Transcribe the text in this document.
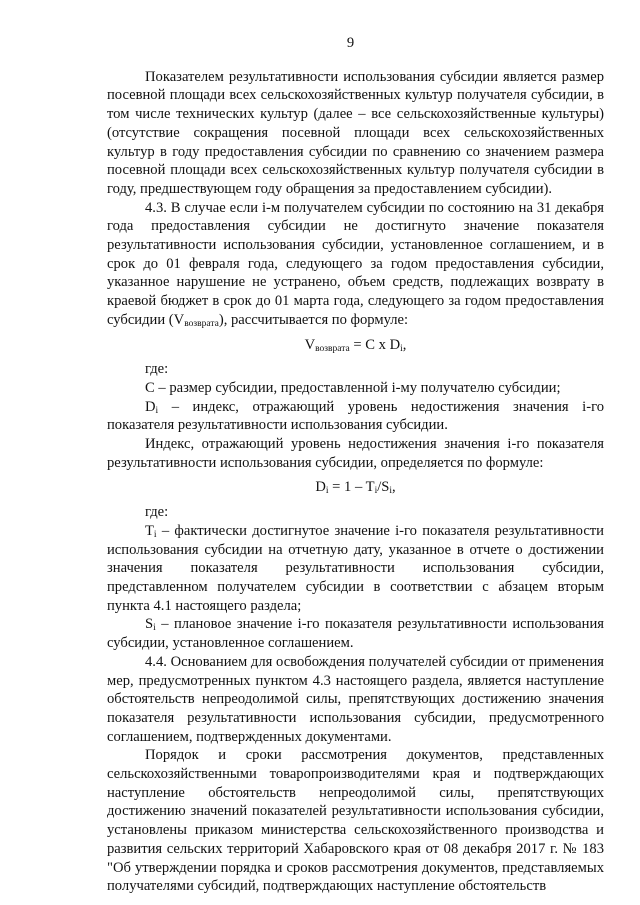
9

Показателем результативности использования субсидии является размер посевной площади всех сельскохозяйственных культур получателя субсидии, в том числе технических культур (далее – все сельскохозяйственные культуры) (отсутствие сокращения посевной площади всех сельскохозяйственных культур в году предоставления субсидии по сравнению со значением размера посевной площади всех сельскохозяйственных культур получателя субсидии в году, предшествующем году обращения за предоставлением субсидии).

4.3. В случае если i-м получателем субсидии по состоянию на 31 декабря года предоставления субсидии не достигнуто значение показателя результативности использования субсидии, установленное соглашением, и в срок до 01 февраля года, следующего за годом предоставления субсидии, указанное нарушение не устранено, объем средств, подлежащих возврату в краевой бюджет в срок до 01 марта года, следующего за годом предоставления субсидии $(V_{возврата})$, рассчитывается по формуле:

$V_{возврата} = C$ x $D_i$,

где:

C – размер субсидии, предоставленной i-му получателю субсидии;

$D_i$ – индекс, отражающий уровень недостижения значения i-го показателя результативности использования субсидии.

Индекс, отражающий уровень недостижения значения i-го показателя результативности использования субсидии, определяется по формуле:

$D_i = 1 - T_i/S_i$,

где:

$T_i$ – фактически достигнутое значение i-го показателя результативности использования субсидии на отчетную дату, указанное в отчете о достижении значения показателя результативности использования субсидии, представленном получателем субсидии в соответствии с абзацем вторым пункта 4.1 настоящего раздела;

$S_i$ – плановое значение i-го показателя результативности использования субсидии, установленное соглашением.

4.4. Основанием для освобождения получателей субсидии от применения мер, предусмотренных пунктом 4.3 настоящего раздела, является наступление обстоятельств непреодолимой силы, препятствующих достижению значения показателя результативности использования субсидии, предусмотренного соглашением, подтвержденных документами.

Порядок и сроки рассмотрения документов, представленных сельскохозяйственными товаропроизводителями края и подтверждающих наступление обстоятельств непреодолимой силы, препятствующих достижению значений показателей результативности использования субсидии, установлены приказом министерства сельскохозяйственного производства и развития сельских территорий Хабаровского края от 08 декабря 2017 г. № 183 "Об утверждении порядка и сроков рассмотрения документов, представляемых получателями субсидий, подтверждающих наступление обстоятельств
